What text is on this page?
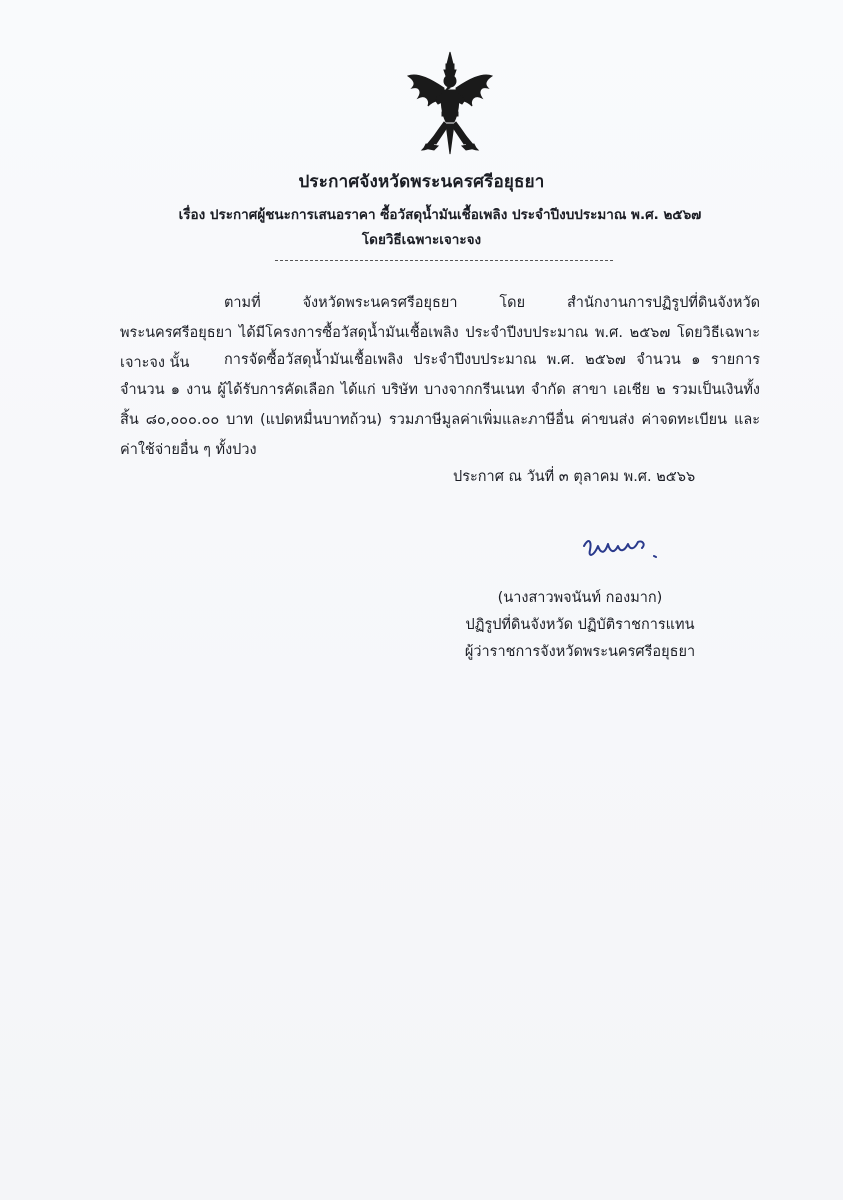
ประกาศจังหวัดพระนครศรีอยุธยา
เรื่อง ประกาศผู้ชนะการเสนอราคา ซื้อวัสดุน้ำมันเชื้อเพลิง ประจำปีงบประมาณ พ.ศ. ๒๕๖๗
โดยวิธีเฉพาะเจาะจง
ตามที่ จังหวัดพระนครศรีอยุธยา โดย สำนักงานการปฏิรูปที่ดินจังหวัดพระนครศรีอยุธยา ได้มีโครงการซื้อวัสดุน้ำมันเชื้อเพลิง ประจำปีงบประมาณ พ.ศ. ๒๕๖๗ โดยวิธีเฉพาะเจาะจง นั้น	การจัดซื้อวัสดุน้ำมันเชื้อเพลิง ประจำปีงบประมาณ พ.ศ. ๒๕๖๗ จำนวน ๑ รายการ จำนวน ๑ งาน ผู้ได้รับการคัดเลือก ได้แก่ บริษัท บางจากกรีนเนท จำกัด สาขา เอเชีย ๒ รวมเป็นเงินทั้งสิ้น ๘๐,๐๐๐.๐๐ บาท (แปดหมื่นบาทถ้วน) รวมภาษีมูลค่าเพิ่มและภาษีอื่น ค่าขนส่ง ค่าจดทะเบียน และค่าใช้จ่ายอื่น ๆ ทั้งปวง
ประกาศ ณ วันที่ ๓ ตุลาคม พ.ศ. ๒๕๖๖
(นางสาวพจนันท์ กองมาก)
ปฏิรูปที่ดินจังหวัด ปฏิบัติราชการแทน
ผู้ว่าราชการจังหวัดพระนครศรีอยุธยา
